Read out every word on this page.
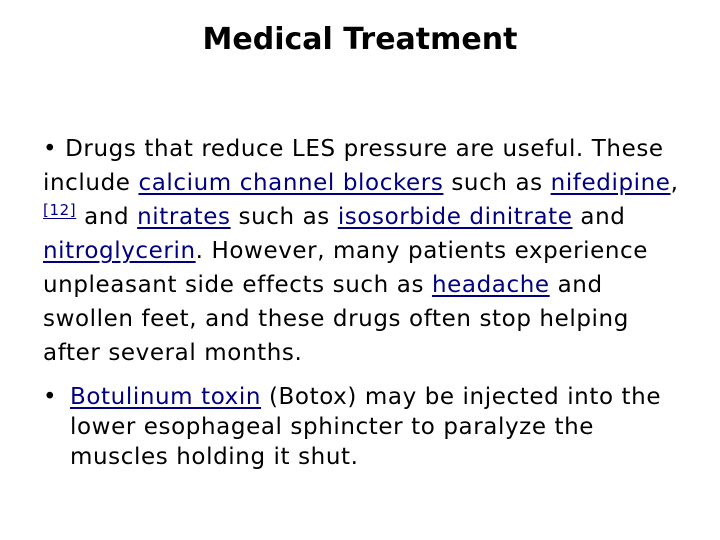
Medical Treatment

• Drugs that reduce LES pressure are useful. These include calcium channel blockers such as nifedipine,[12] and nitrates such as isosorbide dinitrate and nitroglycerin. However, many patients experience unpleasant side effects such as headache and swollen feet, and these drugs often stop helping after several months.

• Botulinum toxin (Botox) may be injected into the lower esophageal sphincter to paralyze the muscles holding it shut.
